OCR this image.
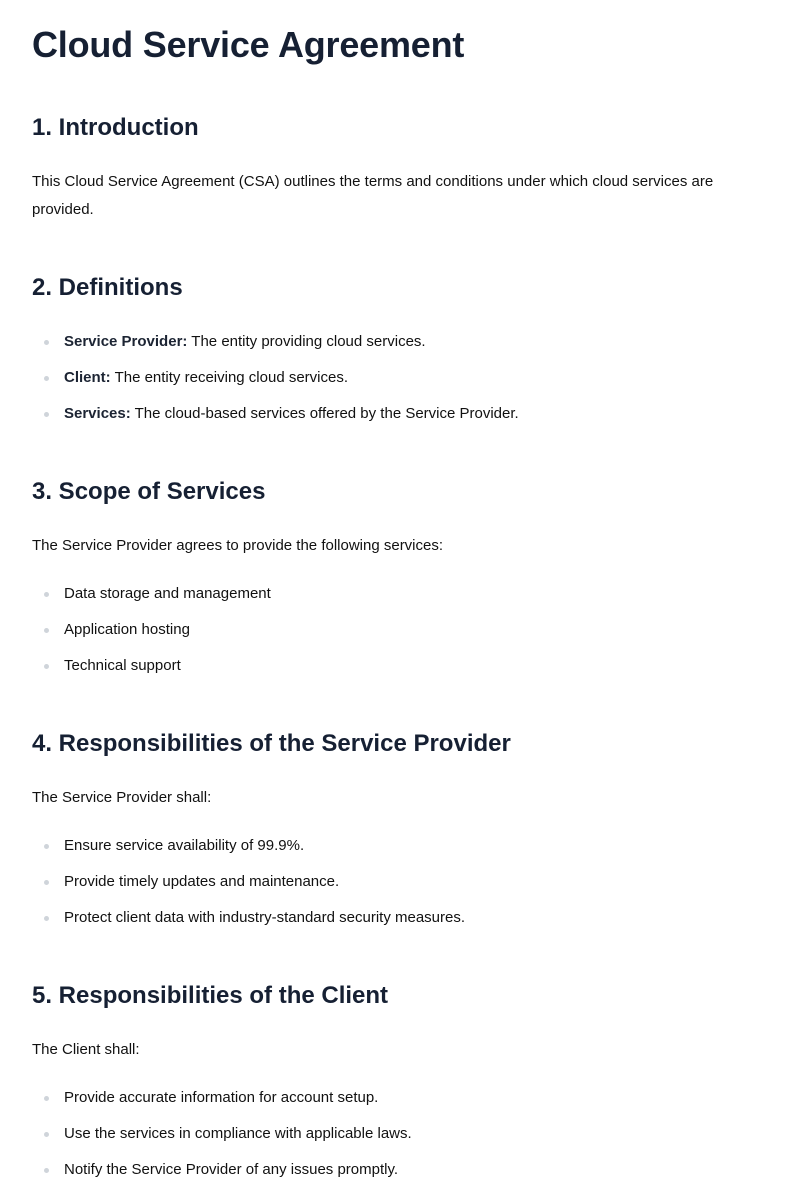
Cloud Service Agreement
1. Introduction

This Cloud Service Agreement (CSA) outlines the terms and conditions under which cloud services are provided.

2. Definitions
Service Provider: The entity providing cloud services.
Client: The entity receiving cloud services.
Services: The cloud-based services offered by the Service Provider.
3. Scope of Services

The Service Provider agrees to provide the following services:

Data storage and management
Application hosting
Technical support
4. Responsibilities of the Service Provider

The Service Provider shall:

Ensure service availability of 99.9%.
Provide timely updates and maintenance.
Protect client data with industry-standard security measures.
5. Responsibilities of the Client

The Client shall:

Provide accurate information for account setup.
Use the services in compliance with applicable laws.
Notify the Service Provider of any issues promptly.
